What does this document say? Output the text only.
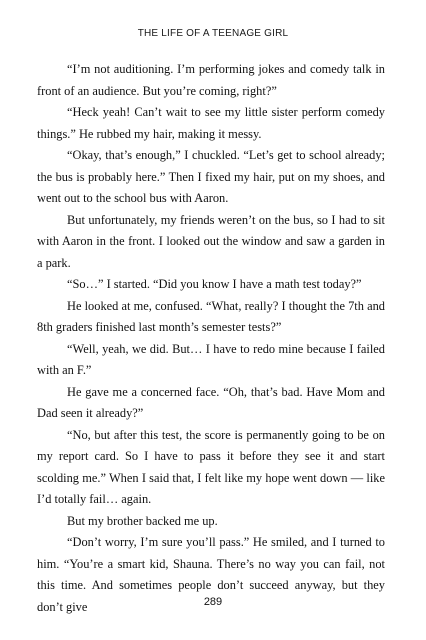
THE LIFE OF A TEENAGE GIRL

“I’m not auditioning. I’m performing jokes and comedy talk in front of an audience. But you’re coming, right?”

“Heck yeah! Can’t wait to see my little sister perform comedy things.” He rubbed my hair, making it messy.

“Okay, that’s enough,” I chuckled. “Let’s get to school already; the bus is probably here.” Then I fixed my hair, put on my shoes, and went out to the school bus with Aaron.

But unfortunately, my friends weren’t on the bus, so I had to sit with Aaron in the front. I looked out the window and saw a garden in a park.

“So…” I started. “Did you know I have a math test today?”

He looked at me, confused. “What, really? I thought the 7th and 8th graders finished last month’s semester tests?”

“Well, yeah, we did. But… I have to redo mine because I failed with an F.”

He gave me a concerned face. “Oh, that’s bad. Have Mom and Dad seen it already?”

“No, but after this test, the score is permanently going to be on my report card. So I have to pass it before they see it and start scolding me.” When I said that, I felt like my hope went down — like I’d totally fail… again.

But my brother backed me up.

“Don’t worry, I’m sure you’ll pass.” He smiled, and I turned to him. “You’re a smart kid, Shauna. There’s no way you can fail, not this time. And sometimes people don’t succeed anyway, but they don’t give	289
